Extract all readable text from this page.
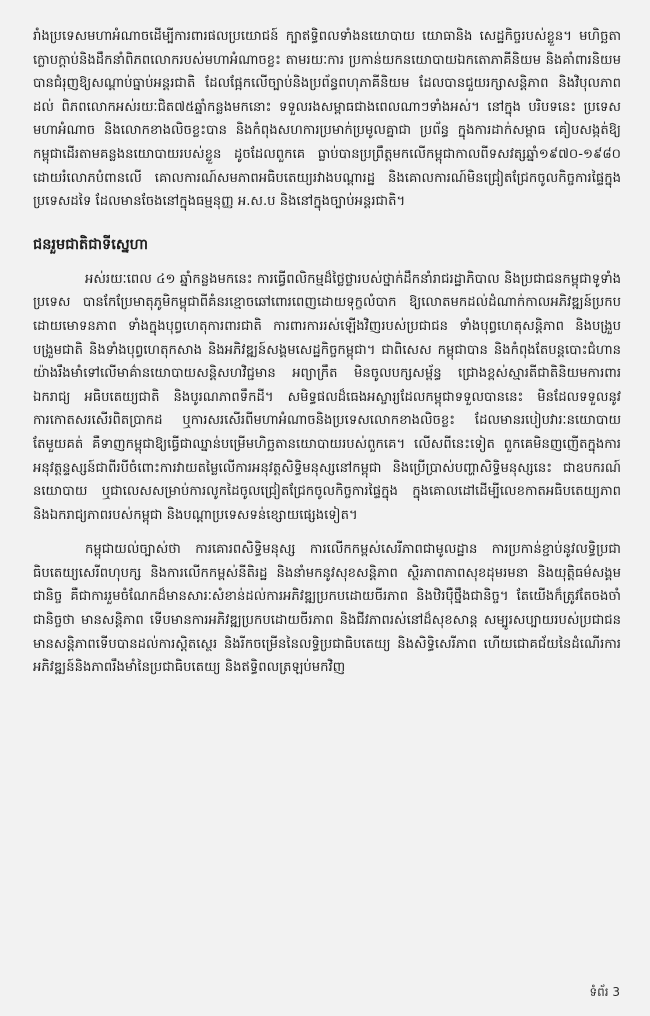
រាំងប្រទេសមហាអំណាចដើម្បីការពារផលប្រយោជន៍ ក្បាឥទ្ធិពលទាំងនយោបាយ យោធានិង សេដ្ឋកិច្ចរបស់ខ្លួន។ មហិច្ឆតាក្លោបក្ដាប់និងដឹកនាំពិភពលោករបស់មហាអំណាចខ្លះ តាមរយៈការ ប្រកាន់យកនយោបាយឯកតោភាគីនិយម និងគាំពារនិយម បានជំរុញឱ្យសណ្ដាប់ធ្នាប់អន្តរជាតិ ដែលផ្អែកលើច្បាប់និងប្រព័ន្ធពហុភាគីនិយម ដែលបានជួយរក្សាសន្តិភាព និងវិបុលភាពដល់ ពិភពលោកអស់រយៈជិត៧៥ឆ្នាំកន្លងមកនោះ ទទួលរងសម្ពាធជាងពេលណាៗទាំងអស់។ នៅក្នុង បរិបទនេះ ប្រទេសមហាអំណាច និងលោកខាងលិចខ្លះបាន និងកំពុងសហការប្រមាក់ប្រមូលគ្នាជា ប្រព័ន្ធ ក្នុងការដាក់សម្ពាធ គៀបសង្កត់ឱ្យកម្ពុជាដើរតាមគន្លងនយោបាយរបស់ខ្លួន ដូចដែលពួកគេ ធ្លាប់បានប្រព្រឹត្តមកលើកម្ពុជាកាលពីទសវត្សឆ្នាំ១៩៧០-១៩៨០ ដោយរំលោភបំពានលើ គោលការណ៍សមភាពអធិបតេយ្យរវាងបណ្ដារដ្ឋ និងគោលការណ៍មិនជ្រៀតជ្រែកចូលកិច្ចការផ្ទៃក្នុង ប្រទេសដទៃ ដែលមានចែងនៅក្នុងធម្មនុញ្ញ អ.ស.ប និងនៅក្នុងច្បាប់អន្តរជាតិ។

ជនរួមជាតិជាទីស្នេហា

អស់រយៈពេល ៤១ ឆ្នាំកន្លងមកនេះ ការធ្វើពលិកម្មដ៏ថ្លៃថ្លារបស់ថ្នាក់ដឹកនាំរាជរដ្ឋាភិបាល និងប្រជាជនកម្ពុជាទូទាំងប្រទេស បានកែប្រែមាតុភូមិកម្ពុជាពីគំនរខ្មោចឆៅពោរពេញដោយទុក្ខលំបាក ឱ្យលោតមកដល់ដំណាក់កាលអភិវឌ្ឍន៍ប្រកបដោយមោទនភាព ទាំងក្នុងបុព្វហេតុការពារជាតិ ការពារការរស់ឡើងវិញរបស់ប្រជាជន ទាំងបុព្វហេតុសន្តិភាព និងបង្រួបបង្រួមជាតិ និងទាំងបុព្វហេតុកសាង និងអភិវឌ្ឍន៍សង្គមសេដ្ឋកិច្ចកម្ពុជា។ ជាពិសេស កម្ពុជាបាន និងកំពុងតែបន្តបោះជំហានយ៉ាងរឹងមាំទៅលើមាគ៌ានយោបាយសន្តិសហវិជ្ជមាន អព្យាក្រឹត មិនចូលបក្សសម្ព័ន្ធ ជ្រោងខ្ពស់ស្មារតីជាតិនិយមការពារឯករាជ្យ អធិបតេយ្យជាតិ និងបូរណភាពទឹកដី។ សមិទ្ធផលដ៏ធេងអស្ចារ្យដែលកម្ពុជាទទួលបាននេះ មិនដែលទទួលនូវការកោតសរសើរពិតប្រាកដ ឬការសរសើរពីមហាអំណាចនិងប្រទេសលោកខាងលិចខ្លះ ដែលមានរបៀបវារៈនយោបាយតែមួយគត់ គឺទាញកម្ពុជាឱ្យធ្វើជាឈ្នាន់បម្រើមហិច្ឆតានយោបាយរបស់ពួកគេ។ លើសពីនេះទៀត ពួកគេមិនញញើតក្នុងការអនុវត្តន្ទស្សន៍ជាពីរបីចំពោះការវាយតម្លៃលើការអនុវត្តសិទ្ធិមនុស្សនៅកម្ពុជា និងប្រើប្រាស់បញ្ហាសិទ្ធិមនុស្សនេះ ជាឧបករណ៍នយោបាយ ឬជាលេសសម្រាប់ការលូកដៃចូលជ្រៀតជ្រែកចូលកិច្ចការផ្ទៃក្នុង ក្នុងគោលដៅដើម្បីលេខកាតអធិបតេយ្យភាព និងឯករាជ្យភាពរបស់កម្ពុជា និងបណ្ដាប្រទេសទន់ខ្សោយផ្សេងទៀត។

កម្ពុជាយល់ច្បាស់ថា ការគោរពសិទ្ធិមនុស្ស ការលើកកម្ពស់សេរីភាពជាមូលដ្ឋាន ការប្រកាន់ខ្ជាប់នូវលទ្ធិប្រជាធិបតេយ្យសេរីពហុបក្ស និងការលើកកម្ពស់នីតិរដ្ឋ និងនាំមកនូវសុខសន្តិភាព ស្ថិរភាពភាពសុខដុមរមនា និងយុត្តិធម៌សង្គមជានិច្ច គឺជាការរួមចំណែកដ៏មានសារៈសំខាន់ដល់ការអភិវឌ្ឍប្រកបដោយចីរភាព និងឋិរប៉ឺថ្នឹងជានិច្ច។ តែយើងក៏ត្រូវតែចងចាំជានិច្ចថា មានសន្តិភាព ទើបមានការអភិវឌ្ឍប្រកបដោយចីរភាព និងជីវភាពរស់នៅដ៏សុខសាន្ត សម្បូរសប្បាយរបស់ប្រជាជន មានសន្តិភាពទើបបានដល់ការស្ដិតស្ថេរ និងរីកចម្រើននៃលទ្ធិប្រជាធិបតេយ្យ និងសិទ្ធិសេរីភាព ហើយជោគជ័យនៃដំណើរការអភិវឌ្ឍន៍និងភាពរឹងមាំនៃប្រជាធិបតេយ្យ និងឥទ្ធិពលត្រឡប់មកវិញ

ទំព័រ 3
